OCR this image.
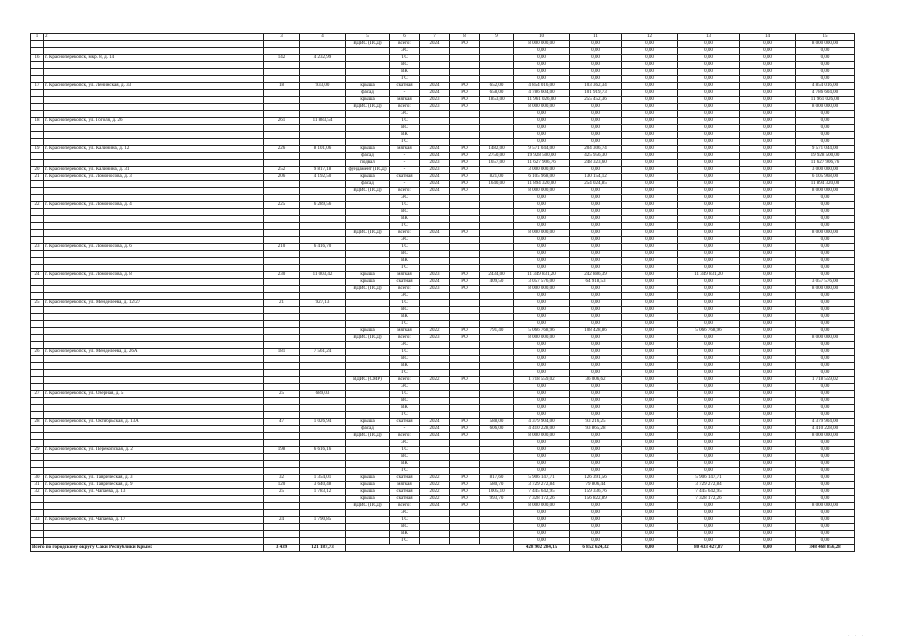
1	2	3	4	5	6	7	8	9	10	11	12	13	14	15
				ВДИС (ПСД)	всего:	2024	РО		8 000 000,00	0,00	0,00	0,00	0,00	8 000 000,00
					ЭС				0,00	0,00	0,00	0,00	0,00	0,00
16	г. Красноперекопск, мкр. 8, д. 14	142	4 232,99		ТС				0,00	0,00	0,00	0,00	0,00	0,00
					ВС				0,00	0,00	0,00	0,00	0,00	0,00
					ВК				0,00	0,00	0,00	0,00	0,00	0,00
					ГС				0,00	0,00	0,00	0,00	0,00	0,00
17	г. Красноперекопск, ул. Ленинская, д. 33	18	933,00	крыша	скатная	2024	РО	652,00	4 854 016,00	103 362,34	0,00	0,00	0,00	4 854 016,00
				фасад	-	2024	РО	658,00	4 786 604,00	101 919,73	0,00	0,00	0,00	4 786 604,00
				крыша	мягкая	2023	РО	1853,00	11 961 026,00	255 452,36	0,00	0,00	0,00	11 961 026,00
				ВДИС (ПСД)	всего:	2023	РО		8 000 000,00	0,00	0,00	0,00	0,00	8 000 000,00
					ЭС				0,00	0,00	0,00	0,00	0,00	0,00
18	г. Красноперекопск, ул. Гоголя, д. 26	261	11 883,54		ТС				0,00	0,00	0,00	0,00	0,00	0,00
					ВС				0,00	0,00	0,00	0,00	0,00	0,00
					ВК				0,00	0,00	0,00	0,00	0,00	0,00
					ГС				0,00	0,00	0,00	0,00	0,00	0,00
19	г. Красноперекопск, ул. Калинина, д. 12	226	8 101,06	крыша	мягкая	2024	РО	1482,00	9 571 044,00	204 306,74	0,00	0,00	0,00	9 571 044,00
				фасад	-	2024	РО	2750,00	19 928 500,00	425 956,30	0,00	0,00	0,00	19 928 500,00
				подвал	-	2023	РО	1657,00	11 627 906,76	248 323,60	0,00	0,00	0,00	11 627 906,76
20	г. Красноперекопск, ул. Калинина, д. 31	252	9 817,18	фундамент (ПСД)	-	2023	РО		3 000 000,00	0,00	0,00	0,00	0,00	3 000 000,00
21	г. Красноперекопск, ул. Ломоносова, д. 3	206	4 192,50	крыша	скатная	2024	РО	821,00	6 105 968,00	130 154,12	0,00	0,00	0,00	6 105 968,00
				фасад	-	2024	РО	1640,00	11 894 320,00	254 024,85	0,00	0,00	0,00	11 894 320,00
				ВДИС (ПСД)	всего:	2024	РО		8 000 000,00	0,00	0,00	0,00	0,00	8 000 000,00
					ЭС				0,00	0,00	0,00	0,00	0,00	0,00
22	г. Красноперекопск, ул. Ломоносова, д. 4	225	6 289,56		ТС				0,00	0,00	0,00	0,00	0,00	0,00
					ВС				0,00	0,00	0,00	0,00	0,00	0,00
					ВК				0,00	0,00	0,00	0,00	0,00	0,00
					ГС				0,00	0,00	0,00	0,00	0,00	0,00
				ВДИС (ПСД)	всего:	2024	РО		8 000 000,00	0,00	0,00	0,00	0,00	8 000 000,00
					ЭС				0,00	0,00	0,00	0,00	0,00	0,00
23	г. Красноперекопск, ул. Ломоносова, д. 6	210	6 416,70		ТС				0,00	0,00	0,00	0,00	0,00	0,00
					ВС				0,00	0,00	0,00	0,00	0,00	0,00
					ВК				0,00	0,00	0,00	0,00	0,00	0,00
					ГС				0,00	0,00	0,00	0,00	0,00	0,00
24	г. Красноперекопск, ул. Ломоносова, д. 8	230	11 003,42	крыша	мягкая	2023	РО	2434,00	11 349 831,20	242 886,39	0,00	11 349 831,20	0,00	0,00
				крыша	скатная	2024	РО	409,50	3 057 576,00	64 918,53	0,00	0,00	0,00	3 057 576,00
				ВДИС (ПСД)	всего:	2023	РО		8 000 000,00	0,00	0,00	0,00	0,00	8 000 000,00
					ЭС				0,00	0,00	0,00	0,00	0,00	0,00
25	г. Красноперекопск, ул. Менделеева, д. 12/27	21	927,13		ТС				0,00	0,00	0,00	0,00	0,00	0,00
					ВС				0,00	0,00	0,00	0,00	0,00	0,00
					ВК				0,00	0,00	0,00	0,00	0,00	0,00
					ГС				0,00	0,00	0,00	0,00	0,00	0,00
				крыша	мягкая	2022	РО	791,40	5 066 768,96	108 428,86	0,00	5 066 768,96	0,00	0,00
				ВДИС (ПСД)	всего:	2023	РО		8 000 000,00	0,00	0,00	0,00	0,00	8 000 000,00
					ЭС				0,00	0,00	0,00	0,00	0,00	0,00
26	г. Красноперекопск, ул. Менделеева, д. 26А	181	7 561,24		ТС				0,00	0,00	0,00	0,00	0,00	0,00
					ВС				0,00	0,00	0,00	0,00	0,00	0,00
					ВК				0,00	0,00	0,00	0,00	0,00	0,00
					ГС				0,00	0,00	0,00	0,00	0,00	0,00
				ВДИС (СМР)	всего:	2022	РО		1 718 559,02	36 006,62	0,00	0,00	0,00	1 718 559,02
					ЭС				0,00	0,00	0,00	0,00	0,00	0,00
27	г. Красноперекопск, ул. Озерная, д. 5	25	689,03		ТС				0,00	0,00	0,00	0,00	0,00	0,00
					ВС				0,00	0,00	0,00	0,00	0,00	0,00
					ВК				0,00	0,00	0,00	0,00	0,00	0,00
					ГС				0,00	0,00	0,00	0,00	0,00	0,00
28	г. Красноперекопск, ул. Октябрьская, д. 13А	47	1 026,94	крыша	скатная	2024	РО	588,00	4 379 904,00	93 216,25	0,00	0,00	0,00	4 379 904,00
				фасад	-	2024	РО	606,00	4 410 228,00	93 865,28	0,00	0,00	0,00	4 410 228,00
				ВДИС (ПСД)	всего:	2024	РО		8 000 000,00	0,00	0,00	0,00	0,00	8 000 000,00
					ЭС				0,00	0,00	0,00	0,00	0,00	0,00
29	г. Красноперекопск, ул. Перекопская, д. 2	198	6 616,16		ТС				0,00	0,00	0,00	0,00	0,00	0,00
					ВС				0,00	0,00	0,00	0,00	0,00	0,00
					ВК				0,00	0,00	0,00	0,00	0,00	0,00
					ГС				0,00	0,00	0,00	0,00	0,00	0,00
30	г. Красноперекопск, ул. Таврическая, д. 3	32	1 354,01	крыша	скатная	2022	РО	817,60	5 906 147,71	126 391,56	0,00	5 906 147,71	0,00	0,00
31	г. Красноперекопск, ул. Таврическая, д. 9	120	3 640,48	крыша	мягкая	2022	РО	580,70	3 729 272,84	79 806,44	0,00	3 729 272,84	0,00	0,00
32	г. Красноперекопск, ул. Чапаева, д. 13	25	1 783,12	крыша	скатная	2022	РО	1005,10	7 445 642,95	159 336,76	0,00	7 445 642,95	0,00	0,00
				крыша	скатная	2022	РО	993,70	7 328 172,26	156 822,89	0,00	7 328 172,26	0,00	0,00
				ВДИС (ПСД)	всего:	2024	РО		8 000 000,00	0,00	0,00	0,00	0,00	8 000 000,00
					ЭС				0,00	0,00	0,00	0,00	0,00	0,00
33	г. Красноперекопск, ул. Чапаева, д. 17	24	1 790,85		ТС				0,00	0,00	0,00	0,00	0,00	0,00
					ВС				0,00	0,00	0,00	0,00	0,00	0,00
					ВК				0,00	0,00	0,00	0,00	0,00	0,00
					ГС				0,00	0,00	0,00	0,00	0,00	0,00
Всего по городскому округу Саки Республики Крым:		3 439	121 187,73						428 902 284,15	6 852 624,32	0,00	80 433 427,87	0,00	348 468 856,28
· · ·
